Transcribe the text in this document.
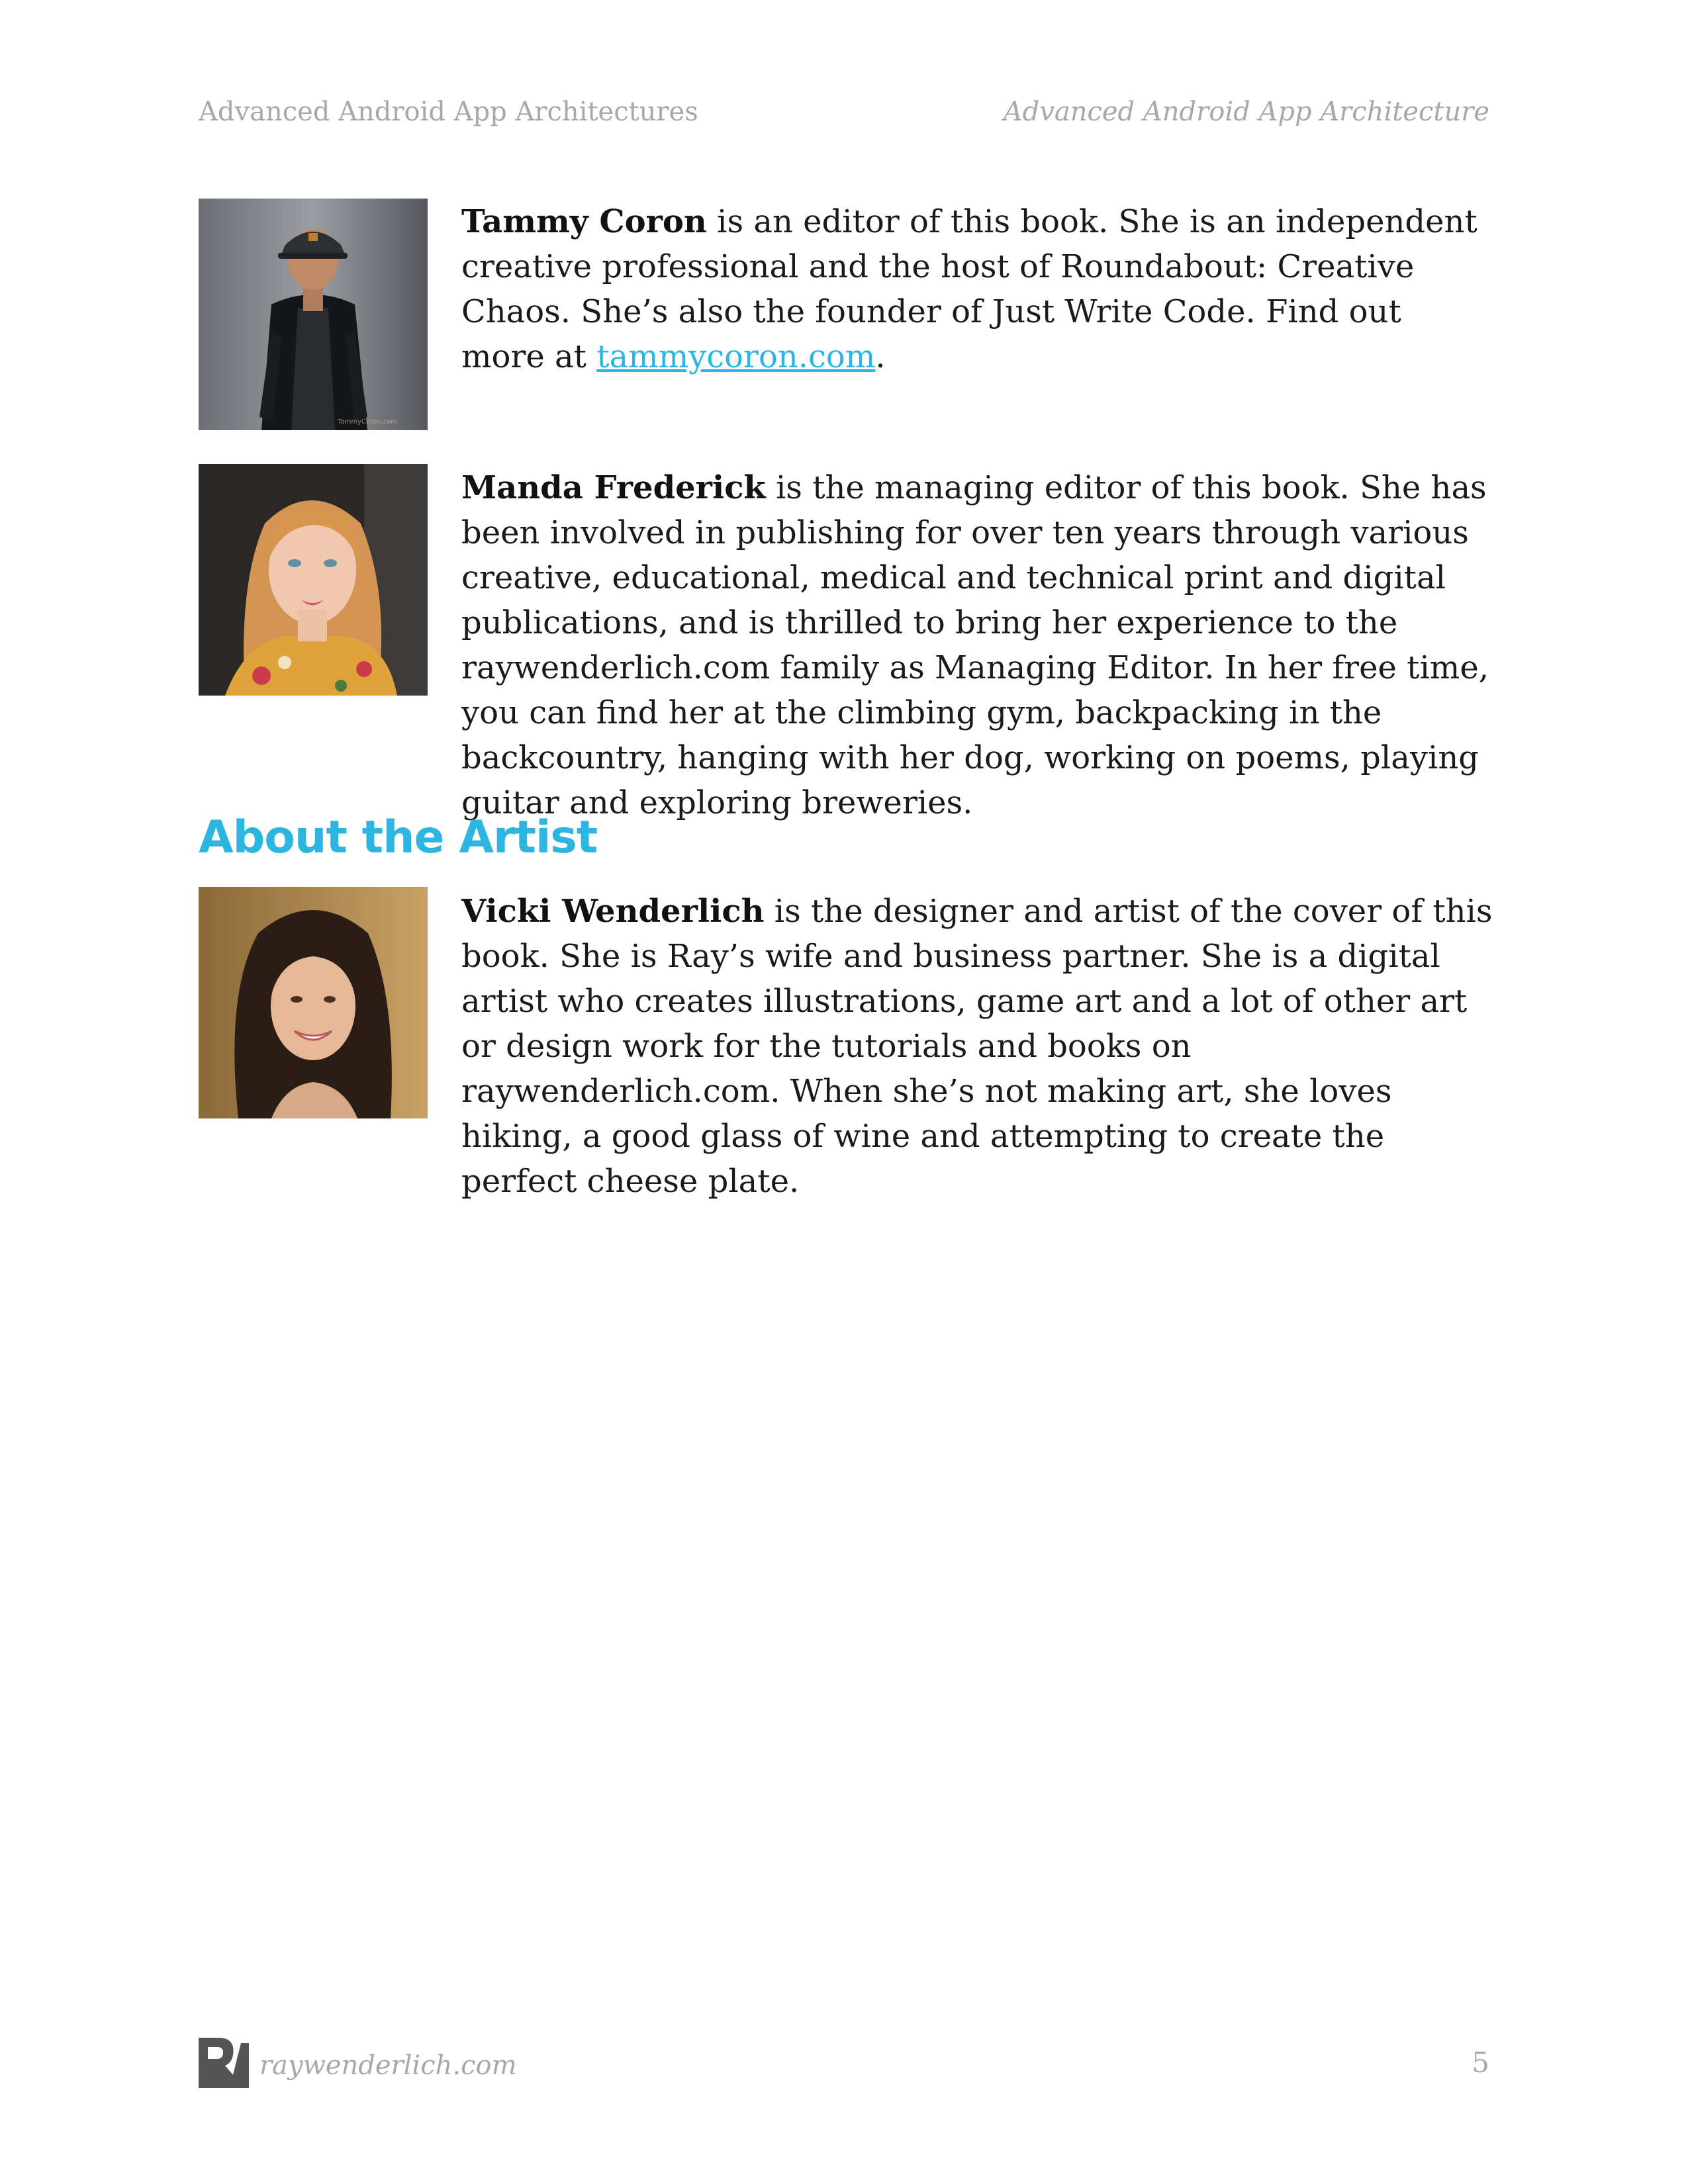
Advanced Android App Architectures	Advanced Android App Architecture
TammyCoron.com
Tammy Coron is an editor of this book. She is an independent creative professional and the host of Roundabout: Creative Chaos. She’s also the founder of Just Write Code. Find out more at tammycoron.com.
Manda Frederick is the managing editor of this book. She has been involved in publishing for over ten years through various creative, educational, medical and technical print and digital publications, and is thrilled to bring her experience to the raywenderlich.com family as Managing Editor. In her free time, you can find her at the climbing gym, backpacking in the backcountry, hanging with her dog, working on poems, playing guitar and exploring breweries.
About the Artist
Vicki Wenderlich is the designer and artist of the cover of this book. She is Ray’s wife and business partner. She is a digital artist who creates illustrations, game art and a lot of other art or design work for the tutorials and books on raywenderlich.com. When she’s not making art, she loves hiking, a good glass of wine and attempting to create the perfect cheese plate.
raywenderlich.com	5
